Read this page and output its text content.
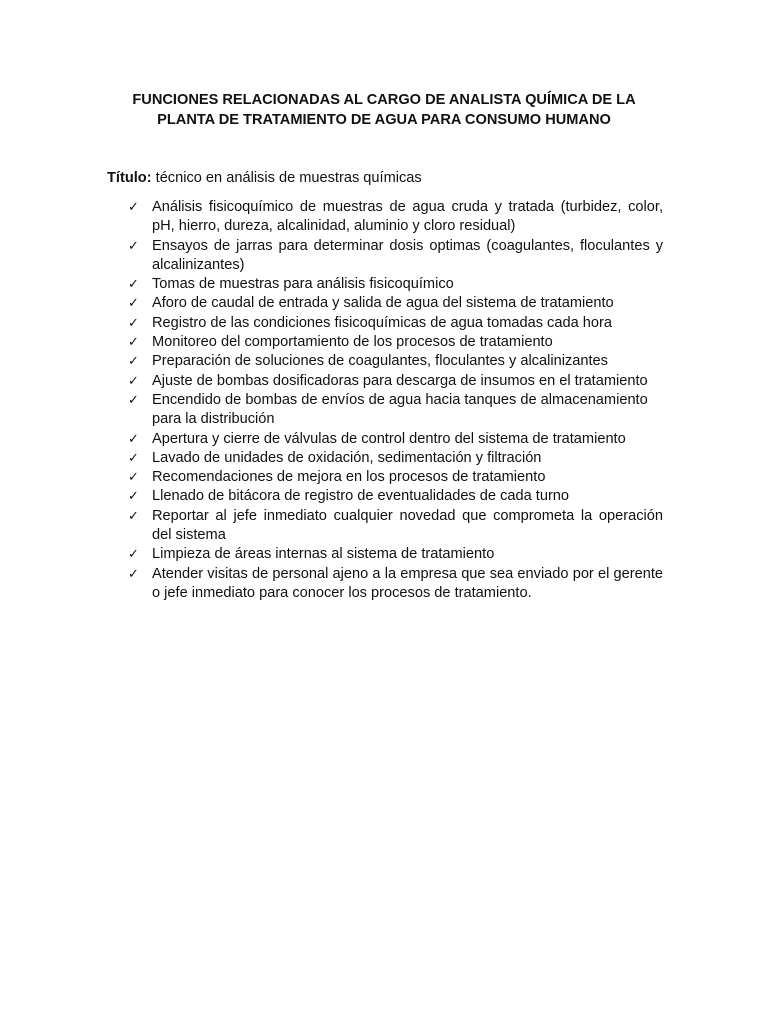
FUNCIONES RELACIONADAS AL CARGO DE ANALISTA QUÍMICA DE LA
PLANTA DE TRATAMIENTO DE AGUA PARA CONSUMO HUMANO

Título: técnico en análisis de muestras químicas

✓ Análisis fisicoquímico de muestras de agua cruda y tratada (turbidez, color, pH, hierro, dureza, alcalinidad, aluminio y cloro residual)
✓ Ensayos de jarras para determinar dosis optimas (coagulantes, floculantes y alcalinizantes)
✓ Tomas de muestras para análisis fisicoquímico
✓ Aforo de caudal de entrada y salida de agua del sistema de tratamiento
✓ Registro de las condiciones fisicoquímicas de agua tomadas cada hora
✓ Monitoreo del comportamiento de los procesos de tratamiento
✓ Preparación de soluciones de coagulantes, floculantes y alcalinizantes
✓ Ajuste de bombas dosificadoras para descarga de insumos en el tratamiento
✓ Encendido de bombas de envíos de agua hacia tanques de almacenamiento para la distribución
✓ Apertura y cierre de válvulas de control dentro del sistema de tratamiento
✓ Lavado de unidades de oxidación, sedimentación y filtración
✓ Recomendaciones de mejora en los procesos de tratamiento
✓ Llenado de bitácora de registro de eventualidades de cada turno
✓ Reportar al jefe inmediato cualquier novedad que comprometa la operación del sistema
✓ Limpieza de áreas internas al sistema de tratamiento
✓ Atender visitas de personal ajeno a la empresa que sea enviado por el gerente o jefe inmediato para conocer los procesos de tratamiento.
